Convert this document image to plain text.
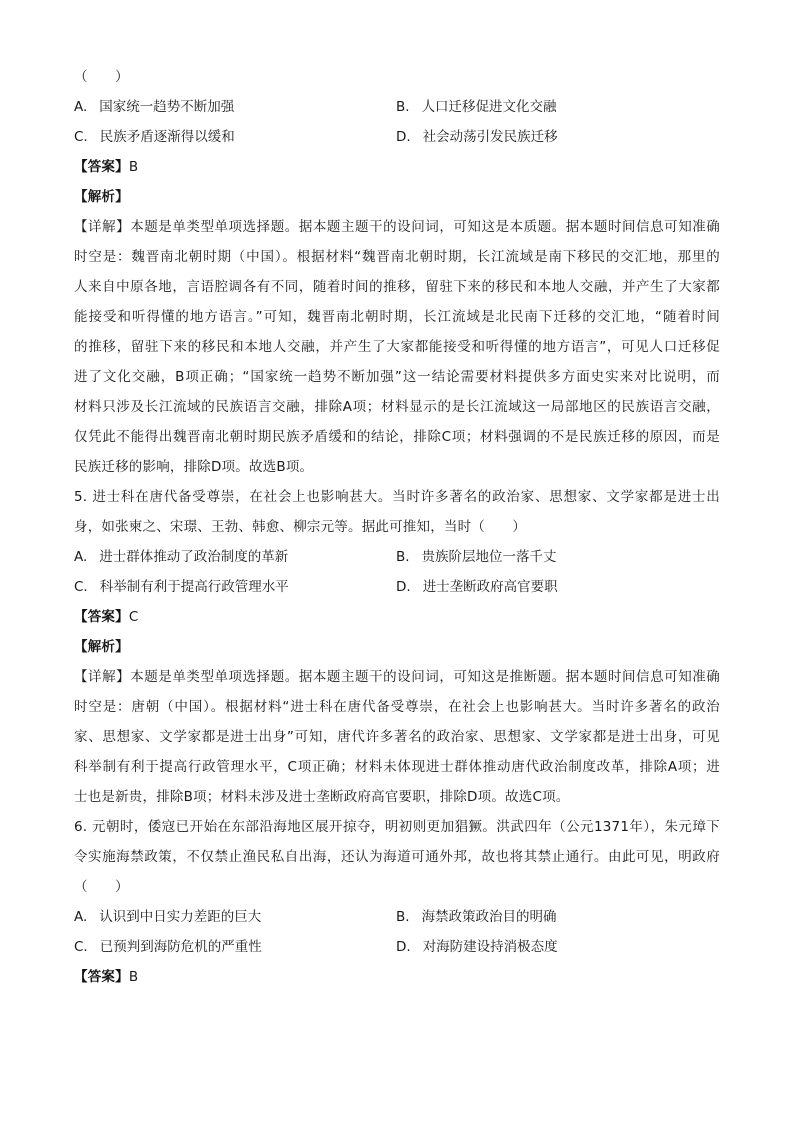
（　　）
A. 国家统一趋势不断加强	B. 人口迁移促进文化交融
C. 民族矛盾逐渐得以缓和	D. 社会动荡引发民族迁移
【答案】B
【解析】
【详解】本题是单类型单项选择题。据本题主题干的设问词，可知这是本质题。据本题时间信息可知准确
时空是：魏晋南北朝时期（中国）。根据材料“魏晋南北朝时期，长江流域是南下移民的交汇地，那里的
人来自中原各地，言语腔调各有不同，随着时间的推移，留驻下来的移民和本地人交融，并产生了大家都
能接受和听得懂的地方语言。”可知，魏晋南北朝时期，长江流域是北民南下迁移的交汇地，“随着时间
的推移，留驻下来的移民和本地人交融，并产生了大家都能接受和听得懂的地方语言”，可见人口迁移促
进了文化交融，B项正确；“国家统一趋势不断加强”这一结论需要材料提供多方面史实来对比说明，而
材料只涉及长江流域的民族语言交融，排除A项；材料显示的是长江流域这一局部地区的民族语言交融，
仅凭此不能得出魏晋南北朝时期民族矛盾缓和的结论，排除C项；材料强调的不是民族迁移的原因，而是
民族迁移的影响，排除D项。故选B项。
5. 进士科在唐代备受尊崇，在社会上也影响甚大。当时许多著名的政治家、思想家、文学家都是进士出
身，如张柬之、宋璟、王勃、韩愈、柳宗元等。据此可推知，当时（　　）
A. 进士群体推动了政治制度的革新	B. 贵族阶层地位一落千丈
C. 科举制有利于提高行政管理水平	D. 进士垄断政府高官要职
【答案】C
【解析】
【详解】本题是单类型单项选择题。据本题主题干的设问词，可知这是推断题。据本题时间信息可知准确
时空是：唐朝（中国）。根据材料“进士科在唐代备受尊崇，在社会上也影响甚大。当时许多著名的政治
家、思想家、文学家都是进士出身”可知，唐代许多著名的政治家、思想家、文学家都是进士出身，可见
科举制有利于提高行政管理水平，C项正确；材料未体现进士群体推动唐代政治制度改革，排除A项；进
士也是新贵，排除B项；材料未涉及进士垄断政府高官要职，排除D项。故选C项。
6. 元朝时，倭寇已开始在东部沿海地区展开掠夺，明初则更加猖獗。洪武四年（公元1371年），朱元璋下
令实施海禁政策，不仅禁止渔民私自出海，还认为海道可通外邦，故也将其禁止通行。由此可见，明政府
（　　）
A. 认识到中日实力差距的巨大	B. 海禁政策政治目的明确
C. 已预判到海防危机的严重性	D. 对海防建设持消极态度
【答案】B
